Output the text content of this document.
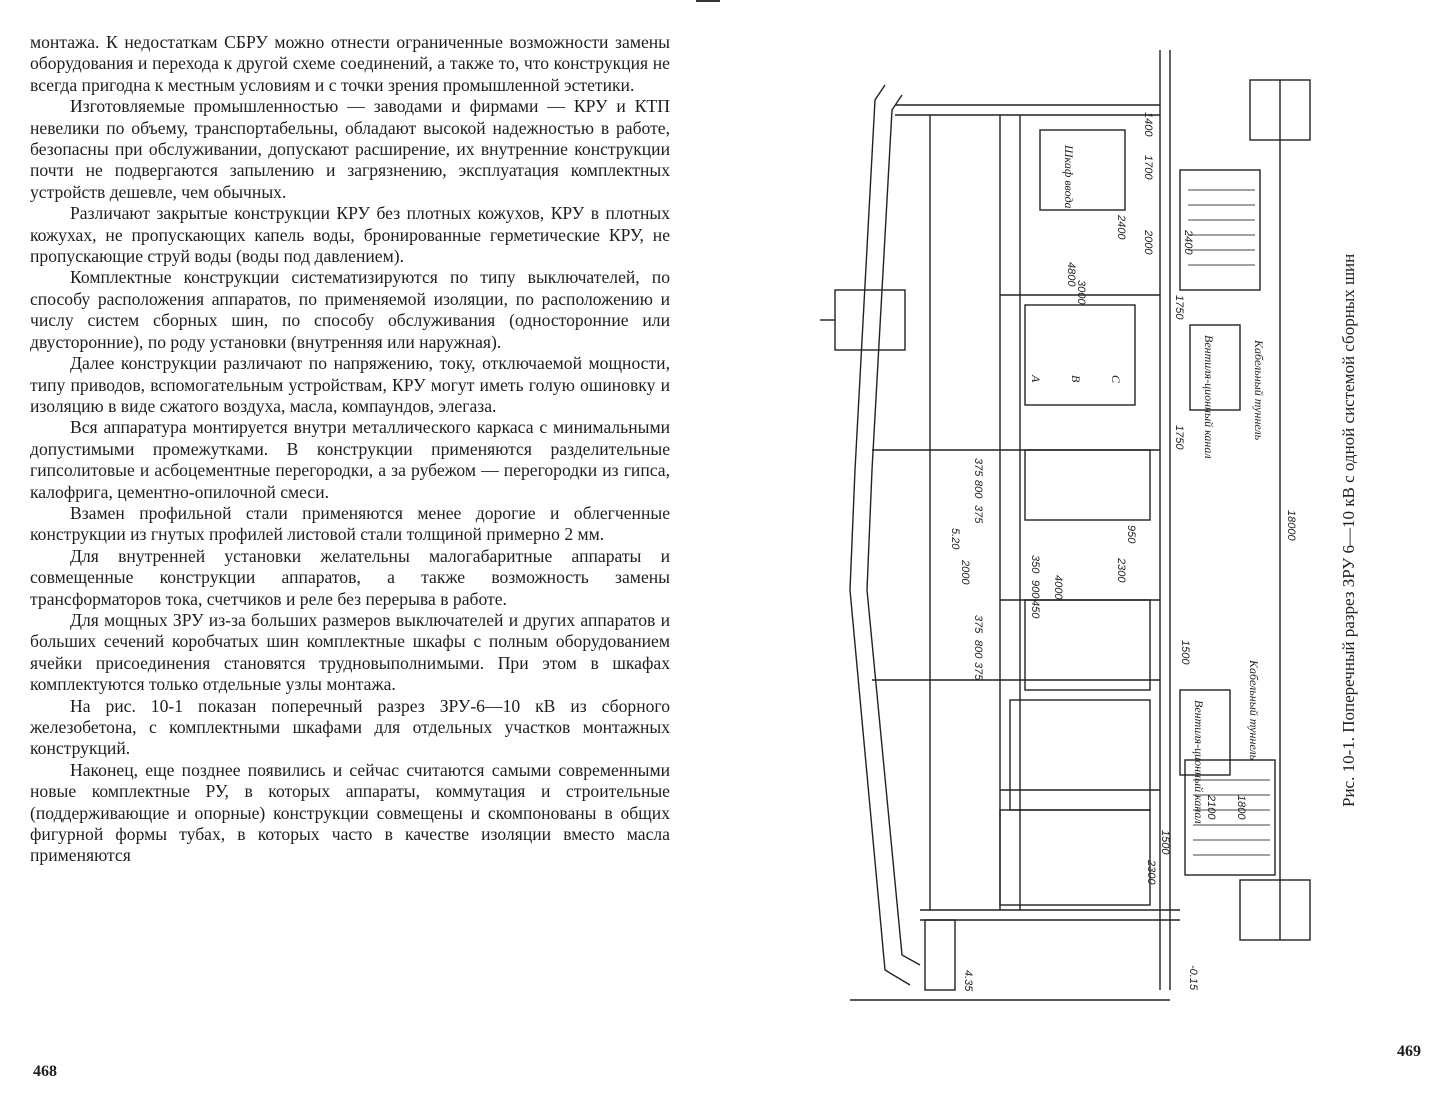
монтажа. К недостаткам СБРУ можно отнести ограниченные возможности замены оборудования и перехода к другой схеме соединений, а также то, что конструкция не всегда пригодна к местным условиям и с точки зрения промышленной эстетики.

Изготовляемые промышленностью — заводами и фирмами — КРУ и КТП невелики по объему, транспортабельны, обладают высокой надежностью в работе, безопасны при обслуживании, допускают расширение, их внутренние конструкции почти не подвергаются запылению и загрязнению, эксплуатация комплектных устройств дешевле, чем обычных.

Различают закрытые конструкции КРУ без плотных кожухов, КРУ в плотных кожухах, не пропускающих капель воды, бронированные герметические КРУ, не пропускающие струй воды (воды под давлением).

Комплектные конструкции систематизируются по типу выключателей, по способу расположения аппаратов, по применяемой изоляции, по расположению и числу систем сборных шин, по способу обслуживания (односторонние или двусторонние), по роду установки (внутренняя или наружная).

Далее конструкции различают по напряжению, току, отключаемой мощности, типу приводов, вспомогательным устройствам, КРУ могут иметь голую ошиновку и изоляцию в виде сжатого воздуха, масла, компаундов, элегаза.

Вся аппаратура монтируется внутри металлического каркаса с минимальными допустимыми промежутками. В конструкции применяются разделительные гипсолитовые и асбоцементные перегородки, а за рубежом — перегородки из гипса, калофрига, цементно-опилочной смеси.

Взамен профильной стали применяются менее дорогие и облегченные конструкции из гнутых профилей листовой стали толщиной примерно 2 мм.

Для внутренней установки желательны малогабаритные аппараты и совмещенные конструкции аппаратов, а также возможность замены трансформаторов тока, счетчиков и реле без перерыва в работе.

Для мощных ЗРУ из-за больших размеров выключателей и других аппаратов и больших сечений коробчатых шин комплектные шкафы с полным оборудованием ячейки присоединения становятся трудновыполнимыми. При этом в шкафах комплектуются только отдельные узлы монтажа.

На рис. 10-1 показан поперечный разрез ЗРУ-6—10 кВ из сборного железобетона, с комплектными шкафами для отдельных участков монтажных конструкций.

Наконец, еще позднее появились и сейчас считаются самыми современными новые комплектные РУ, в которых аппараты, коммутация и строительные (поддерживающие и опорные) конструкции совмещены и скомпонованы в общих фигурной формы тубах, в которых часто в качестве изоляции вместо масла применяются

468
Шкаф ввода
Вентиля-ционный канал	Кабельный туннель
Вентиля-ционный канал	Кабельный туннель
А В С
1400
1700
2400
2000
4800
3000
1750
2400
1750
375
800
375
2000
5.20
2300
950
350
900
450
4000
375
800
375
1500
2100 1800
1500
2300
18000
4.35	-0.15
Рис. 10-1. Поперечный разрез ЗРУ 6—10 кВ с одной системой сборных шин
469
